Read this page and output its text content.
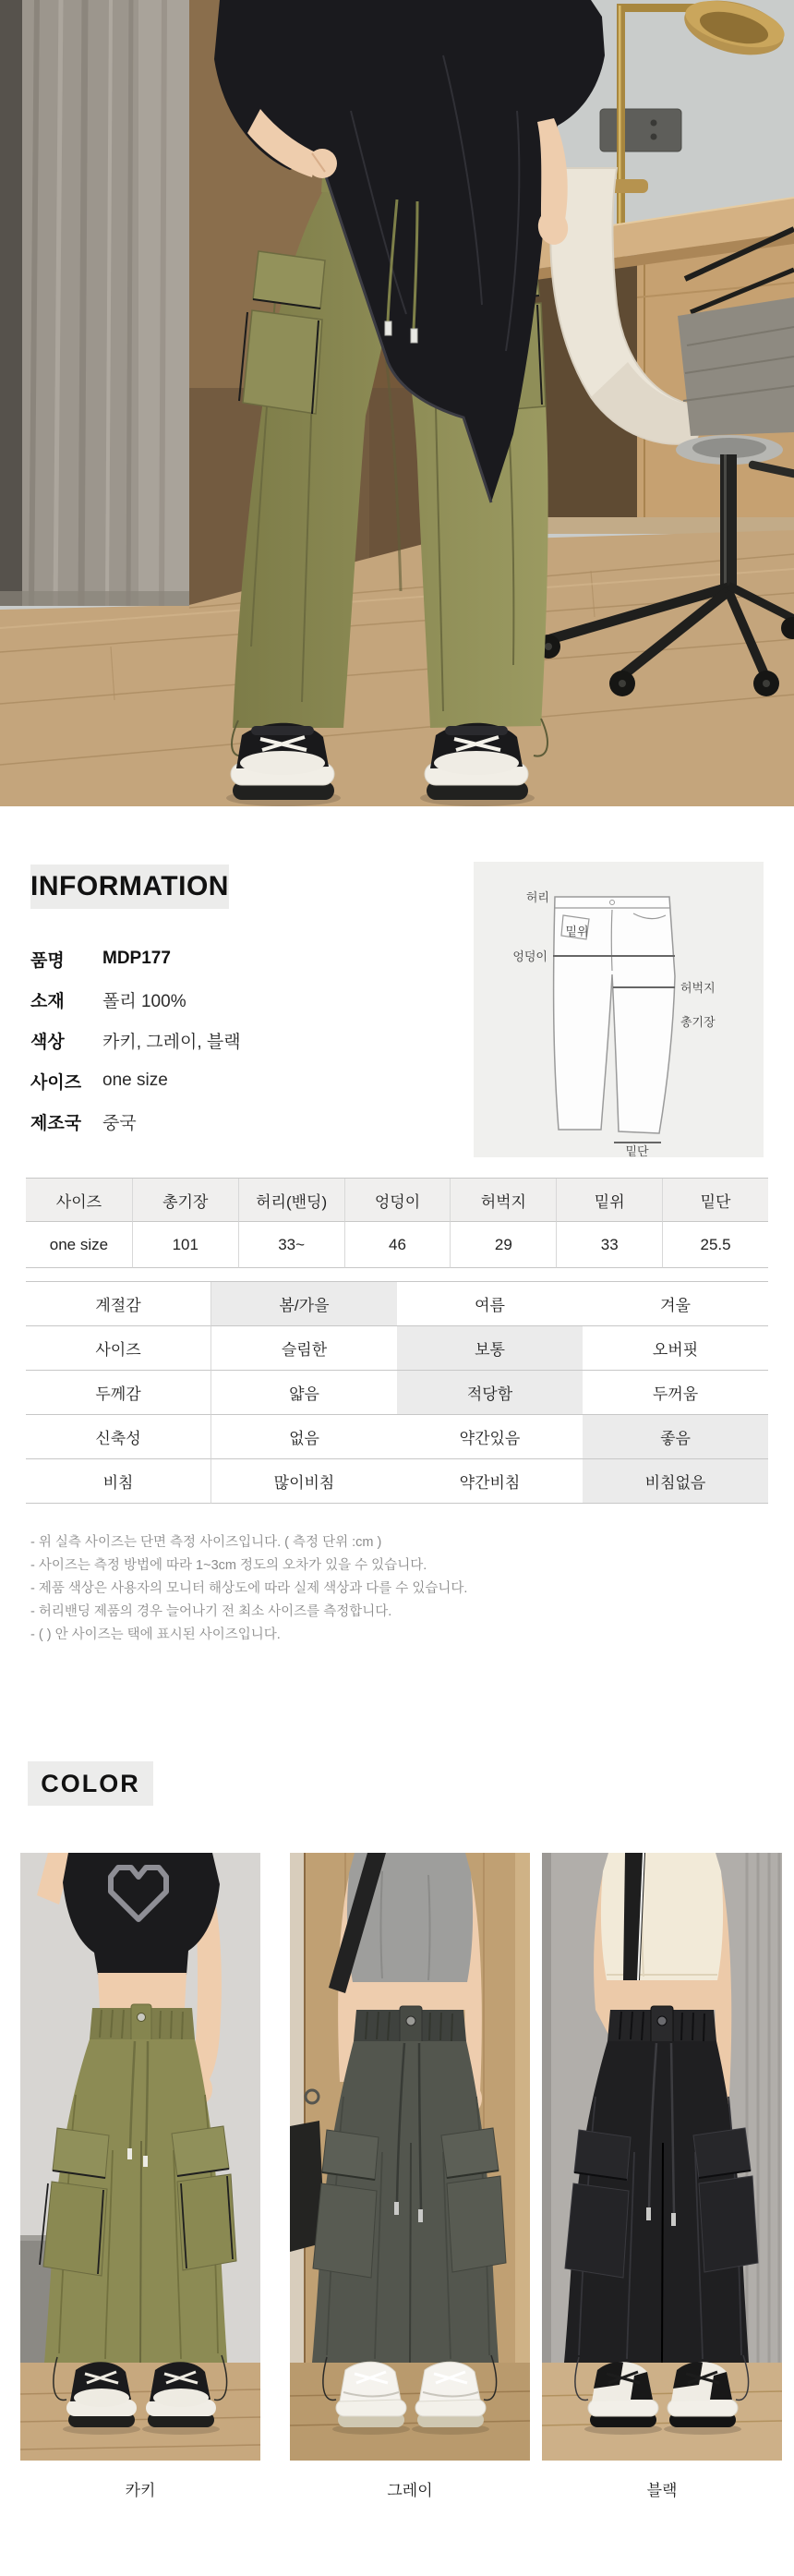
INFORMATION
품명	MDP177
소재	폴리 100%
색상	카키, 그레이, 블랙
사이즈	one size
제조국	중국
허리
밑위
엉덩이
허벅지
총기장
밑단
사이즈	총기장	허리(밴딩)	엉덩이	허벅지	밑위	밑단
one size	101	33~	46	29	33	25.5
계절감	봄/가을	여름	겨울
사이즈	슬림한	보통	오버핏
두께감	얇음	적당함	두꺼움
신축성	없음	약간있음	좋음
비침	많이비침	약간비침	비침없음
- 위 실측 사이즈는 단면 측정 사이즈입니다. ( 측정 단위 :cm )
- 사이즈는 측정 방법에 따라 1~3cm 정도의 오차가 있을 수 있습니다.
- 제품 색상은 사용자의 모니터 해상도에 따라 실제 색상과 다를 수 있습니다.
- 허리밴딩 제품의 경우 늘어나기 전 최소 사이즈를 측정합니다.
- ( ) 안 사이즈는 택에 표시된 사이즈입니다.
COLOR
카키	그레이	블랙
